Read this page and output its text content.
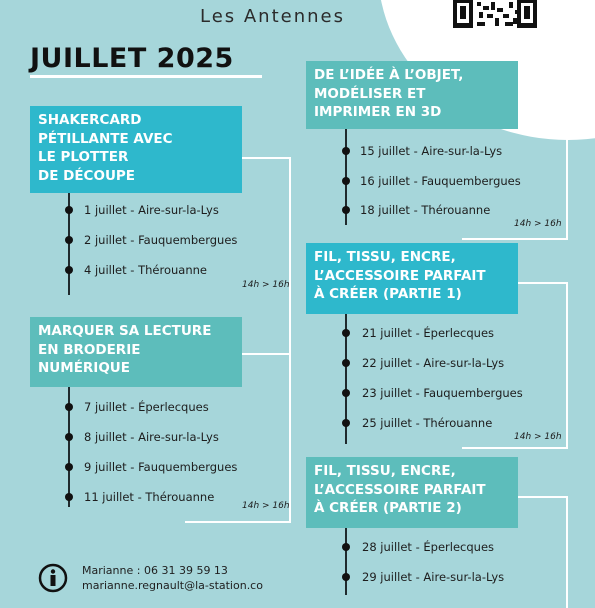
Les Antennes
JUILLET 2025
SHAKERCARD
PÉTILLANTE AVEC
LE PLOTTER
DE DÉCOUPE
1 juillet - Aire-sur-la-Lys
2 juillet - Fauquembergues
4 juillet - Thérouanne
14h > 16h
MARQUER SA LECTURE
EN BRODERIE
NUMÉRIQUE
7 juillet - Éperlecques
8 juillet - Aire-sur-la-Lys
9 juillet - Fauquembergues
11 juillet - Thérouanne
14h > 16h
DE L’IDÉE À L’OBJET,
MODÉLISER ET
IMPRIMER EN 3D
15 juillet - Aire-sur-la-Lys
16 juillet - Fauquembergues
18 juillet - Thérouanne
14h > 16h
FIL, TISSU, ENCRE,
L’ACCESSOIRE PARFAIT
À CRÉER (PARTIE 1)
21 juillet - Éperlecques
22 juillet - Aire-sur-la-Lys
23 juillet - Fauquembergues
25 juillet - Thérouanne
14h > 16h
FIL, TISSU, ENCRE,
L’ACCESSOIRE PARFAIT
À CRÉER (PARTIE 2)
28 juillet - Éperlecques
29 juillet - Aire-sur-la-Lys
Marianne : 06 31 39 59 13
marianne.regnault@la-station.co
